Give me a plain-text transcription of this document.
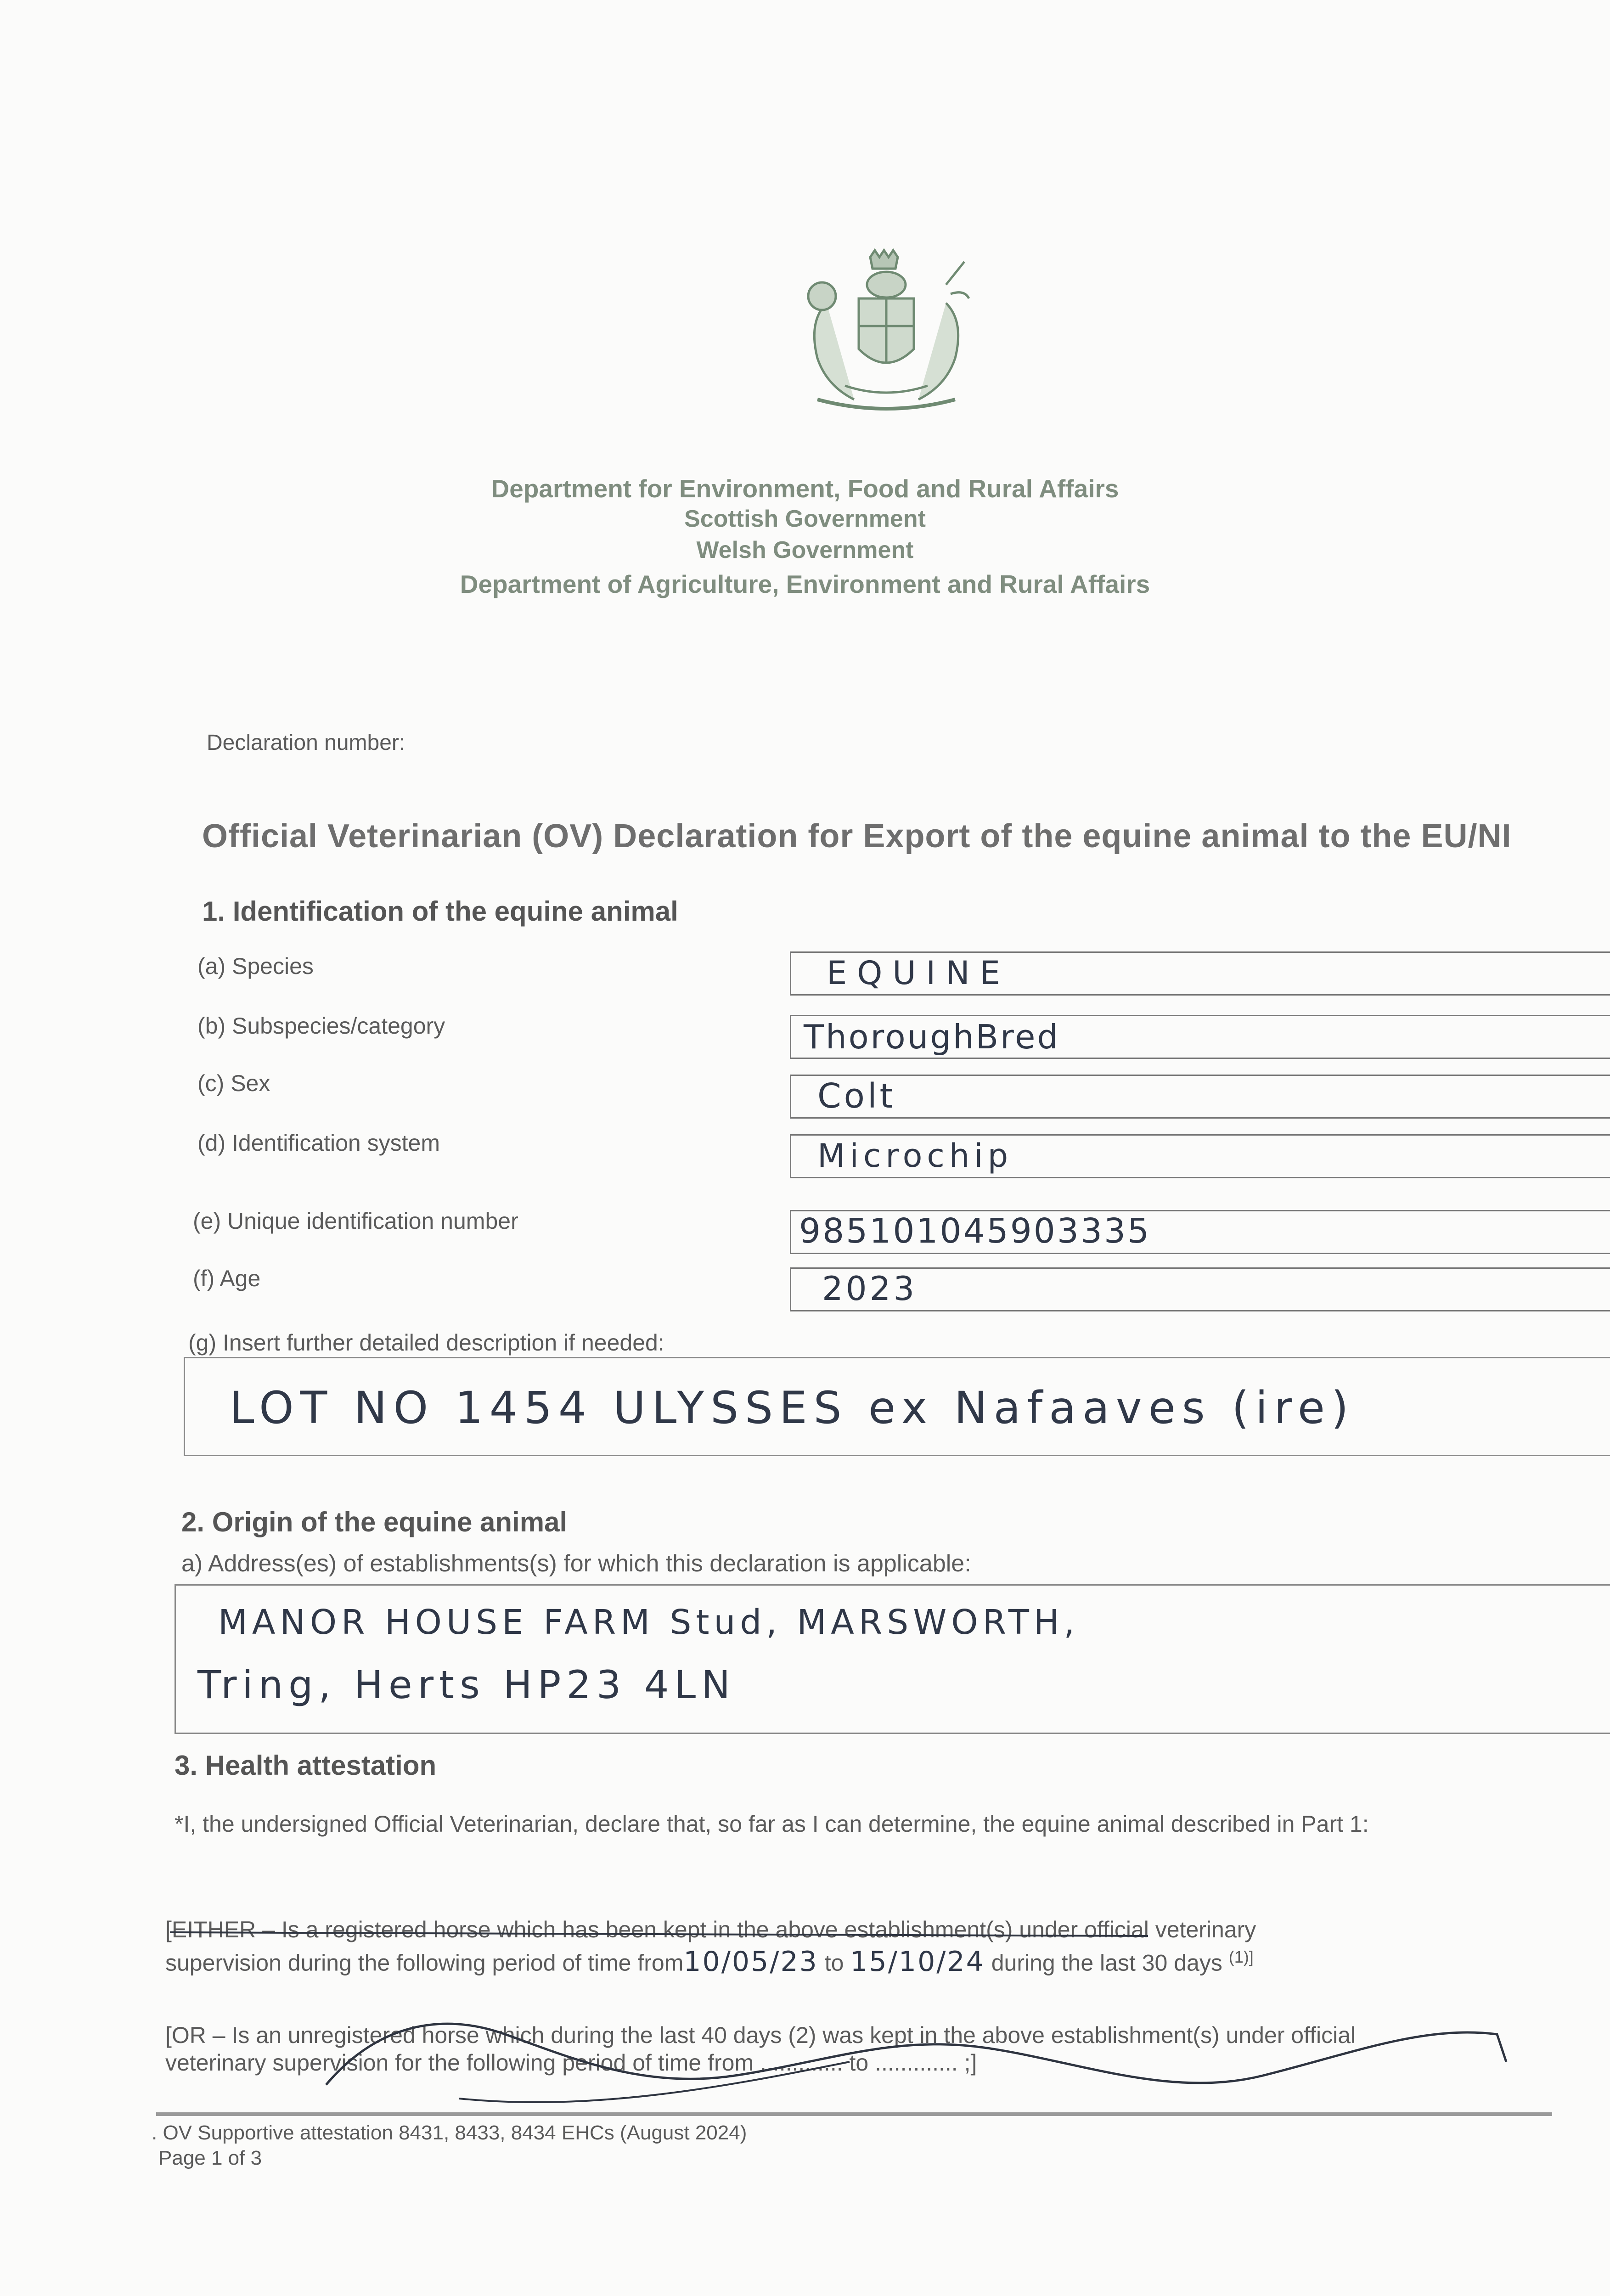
Department for Environment, Food and Rural Affairs
Scottish Government
Welsh Government
Department of Agriculture, Environment and Rural Affairs
Declaration number:
Official Veterinarian (OV) Declaration for Export of the equine animal to the EU/NI
1. Identification of the equine animal
(a) Species	EQUINE
(b) Subspecies/category	ThoroughBred
(c) Sex	Colt
(d) Identification system	Microchip
(e) Unique identification number	985101045903335
(f) Age	2023
(g) Insert further detailed description if needed:
LOT NO 1454 ULYSSES ex Nafaaves (ire)
2. Origin of the equine animal
a) Address(es) of establishments(s) for which this declaration is applicable:
MANOR HOUSE FARM Stud, MARSWORTH,
Tring, Herts HP23 4LN
3. Health attestation
*I, the undersigned Official Veterinarian, declare that, so far as I can determine, the equine animal described in Part 1:
[EITHER – Is a registered horse which has been kept in the above establishment(s) under official veterinary
supervision during the following period of time from10/05/23 to 15/10/24 during the last 30 days $^{(1)]}$
[OR – Is an unregistered horse which during the last 40 days (2) was kept in the above establishment(s) under official
veterinary supervision for the following period of time from ............. to ............. ;]
. OV Supportive attestation 8431, 8433, 8434 EHCs (August 2024)
Page 1 of 3
